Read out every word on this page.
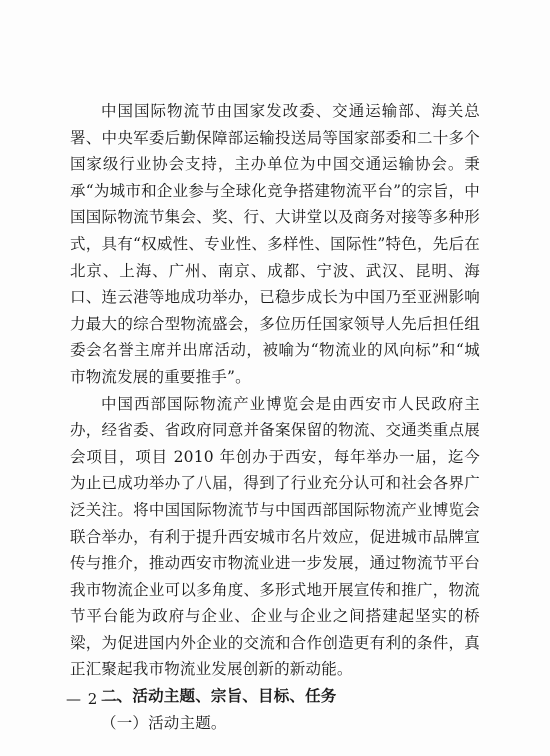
中国国际物流节由国家发改委、交通运输部、海关总署、中央军委后勤保障部运输投送局等国家部委和二十多个国家级行业协会支持，主办单位为中国交通运输协会。秉承“为城市和企业参与全球化竞争搭建物流平台”的宗旨，中国国际物流节集会、奖、行、大讲堂以及商务对接等多种形式，具有“权威性、专业性、多样性、国际性”特色，先后在北京、上海、广州、南京、成都、宁波、武汉、昆明、海口、连云港等地成功举办，已稳步成长为中国乃至亚洲影响力最大的综合型物流盛会，多位历任国家领导人先后担任组委会名誉主席并出席活动，被喻为“物流业的风向标”和“城市物流发展的重要推手”。

中国西部国际物流产业博览会是由西安市人民政府主办，经省委、省政府同意并备案保留的物流、交通类重点展会项目，项目 2010 年创办于西安，每年举办一届，迄今为止已成功举办了八届，得到了行业充分认可和社会各界广泛关注。将中国国际物流节与中国西部国际物流产业博览会联合举办，有利于提升西安城市名片效应，促进城市品牌宣传与推介，推动西安市物流业进一步发展，通过物流节平台我市物流企业可以多角度、多形式地开展宣传和推广，物流节平台能为政府与企业、企业与企业之间搭建起坚实的桥梁，为促进国内外企业的交流和合作创造更有利的条件，真正汇聚起我市物流业发展创新的新动能。

二、活动主题、宗旨、目标、任务

（一）活动主题。

— 2 —
